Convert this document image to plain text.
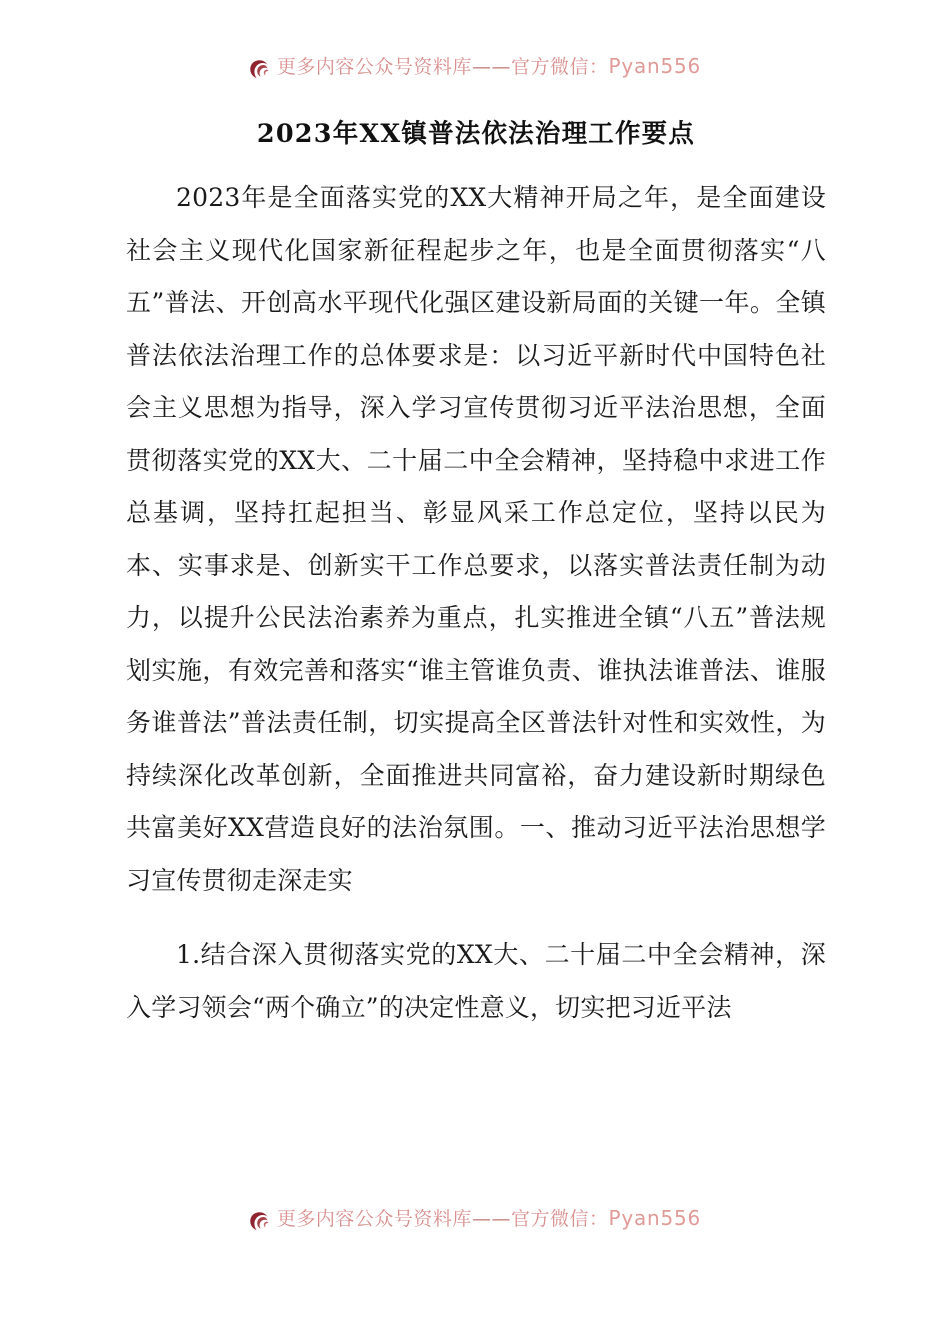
更多内容公众号资料库——官方微信：Pyan556
2023年XX镇普法依法治理工作要点

2023年是全面落实党的XX大精神开局之年，是全面建设社会主义现代化国家新征程起步之年，也是全面贯彻落实“八五”普法、开创高水平现代化强区建设新局面的关键一年。全镇普法依法治理工作的总体要求是：以习近平新时代中国特色社会主义思想为指导，深入学习宣传贯彻习近平法治思想，全面贯彻落实党的XX大、二十届二中全会精神，坚持稳中求进工作总基调，坚持扛起担当、彰显风采工作总定位，坚持以民为本、实事求是、创新实干工作总要求，以落实普法责任制为动力，以提升公民法治素养为重点，扎实推进全镇“八五”普法规划实施，有效完善和落实“谁主管谁负责、谁执法谁普法、谁服务谁普法”普法责任制，切实提高全区普法针对性和实效性，为持续深化改革创新，全面推进共同富裕，奋力建设新时期绿色共富美好XX营造良好的法治氛围。一、推动习近平法治思想学习宣传贯彻走深走实

1.结合深入贯彻落实党的XX大、二十届二中全会精神，深入学习领会“两个确立”的决定性意义，切实把习近平法

更多内容公众号资料库——官方微信：Pyan556
